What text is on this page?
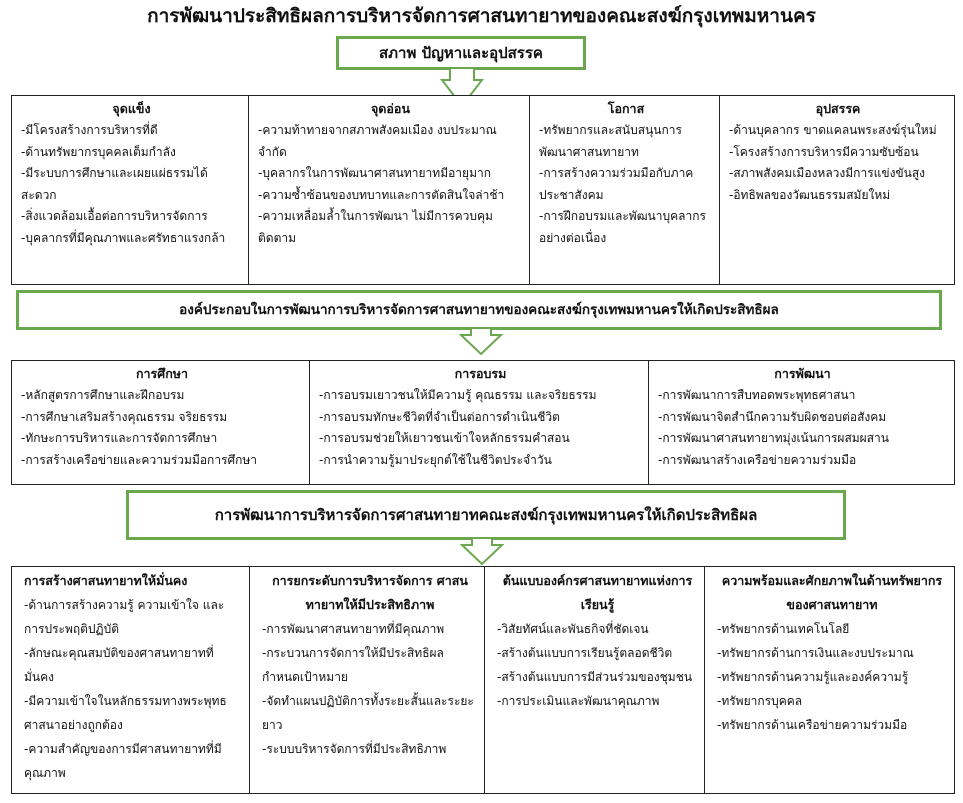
การพัฒนาประสิทธิผลการบริหารจัดการศาสนทายาทของคณะสงฆ์กรุงเทพมหานคร
สภาพ ปัญหาและอุปสรรค
จุดแข็ง
-มีโครงสร้างการบริหารที่ดี
-ด้านทรัพยากรบุคคลเต็มกำลัง
-มีระบบการศึกษาและเผยแผ่ธรรมได้สะดวก
-สิ่งแวดล้อมเอื้อต่อการบริหารจัดการ
-บุคลากรที่มีคุณภาพและศรัทธาแรงกล้า
จุดอ่อน
-ความท้าทายจากสภาพสังคมเมือง งบประมาณจำกัด
-บุคลากรในการพัฒนาศาสนทายาทมีอายุมาก
-ความซ้ำซ้อนของบทบาทและการตัดสินใจล่าช้า
-ความเหลื่อมล้ำในการพัฒนา ไม่มีการควบคุมติดตาม
โอกาส
-ทรัพยากรและสนับสนุนการพัฒนาศาสนทายาท
-การสร้างความร่วมมือกับภาคประชาสังคม
-การฝึกอบรมและพัฒนาบุคลากรอย่างต่อเนื่อง
อุปสรรค
-ด้านบุคลากร ขาดแคลนพระสงฆ์รุ่นใหม่
-โครงสร้างการบริหารมีความซับซ้อน
-สภาพสังคมเมืองหลวงมีการแข่งขันสูง
-อิทธิพลของวัฒนธรรมสมัยใหม่
องค์ประกอบในการพัฒนาการบริหารจัดการศาสนทายาทของคณะสงฆ์กรุงเทพมหานครให้เกิดประสิทธิผล
การศึกษา
-หลักสูตรการศึกษาและฝึกอบรม
-การศึกษาเสริมสร้างคุณธรรม จริยธรรม
-ทักษะการบริหารและการจัดการศึกษา
-การสร้างเครือข่ายและความร่วมมือการศึกษา
การอบรม
-การอบรมเยาวชนให้มีความรู้ คุณธรรม และจริยธรรม
-การอบรมทักษะชีวิตที่จำเป็นต่อการดำเนินชีวิต
-การอบรมช่วยให้เยาวชนเข้าใจหลักธรรมคำสอน
-การนำความรู้มาประยุกต์ใช้ในชีวิตประจำวัน
การพัฒนา
-การพัฒนาการสืบทอดพระพุทธศาสนา
-การพัฒนาจิตสำนึกความรับผิดชอบต่อสังคม
-การพัฒนาศาสนทายาทมุ่งเน้นการผสมผสาน
-การพัฒนาสร้างเครือข่ายความร่วมมือ
การพัฒนาการบริหารจัดการศาสนทายาทคณะสงฆ์กรุงเทพมหานครให้เกิดประสิทธิผล
การสร้างศาสนทายาทให้มั่นคง
-ด้านการสร้างความรู้ ความเข้าใจ และการประพฤติปฏิบัติ
-ลักษณะคุณสมบัติของศาสนทายาทที่มั่นคง
-มีความเข้าใจในหลักธรรมทางพระพุทธศาสนาอย่างถูกต้อง
-ความสำคัญของการมีศาสนทายาทที่มีคุณภาพ
การยกระดับการบริหารจัดการ ศาสนทายาทให้มีประสิทธิภาพ
-การพัฒนาศาสนทายาทที่มีคุณภาพ
-กระบวนการจัดการให้มีประสิทธิผลกำหนดเป้าหมาย
-จัดทำแผนปฏิบัติการทั้งระยะสั้นและระยะยาว
-ระบบบริหารจัดการที่มีประสิทธิภาพ
ต้นแบบองค์กรศาสนทายาทแห่งการเรียนรู้
-วิสัยทัศน์และพันธกิจที่ชัดเจน
-สร้างต้นแบบการเรียนรู้ตลอดชีวิต
-สร้างต้นแบบการมีส่วนร่วมของชุมชน
-การประเมินและพัฒนาคุณภาพ
ความพร้อมและศักยภาพในด้านทรัพยากรของศาสนทายาท
-ทรัพยากรด้านเทคโนโลยี
-ทรัพยากรด้านการเงินและงบประมาณ
-ทรัพยากรด้านความรู้และองค์ความรู้
-ทรัพยากรบุคคล
-ทรัพยากรด้านเครือข่ายความร่วมมือ
